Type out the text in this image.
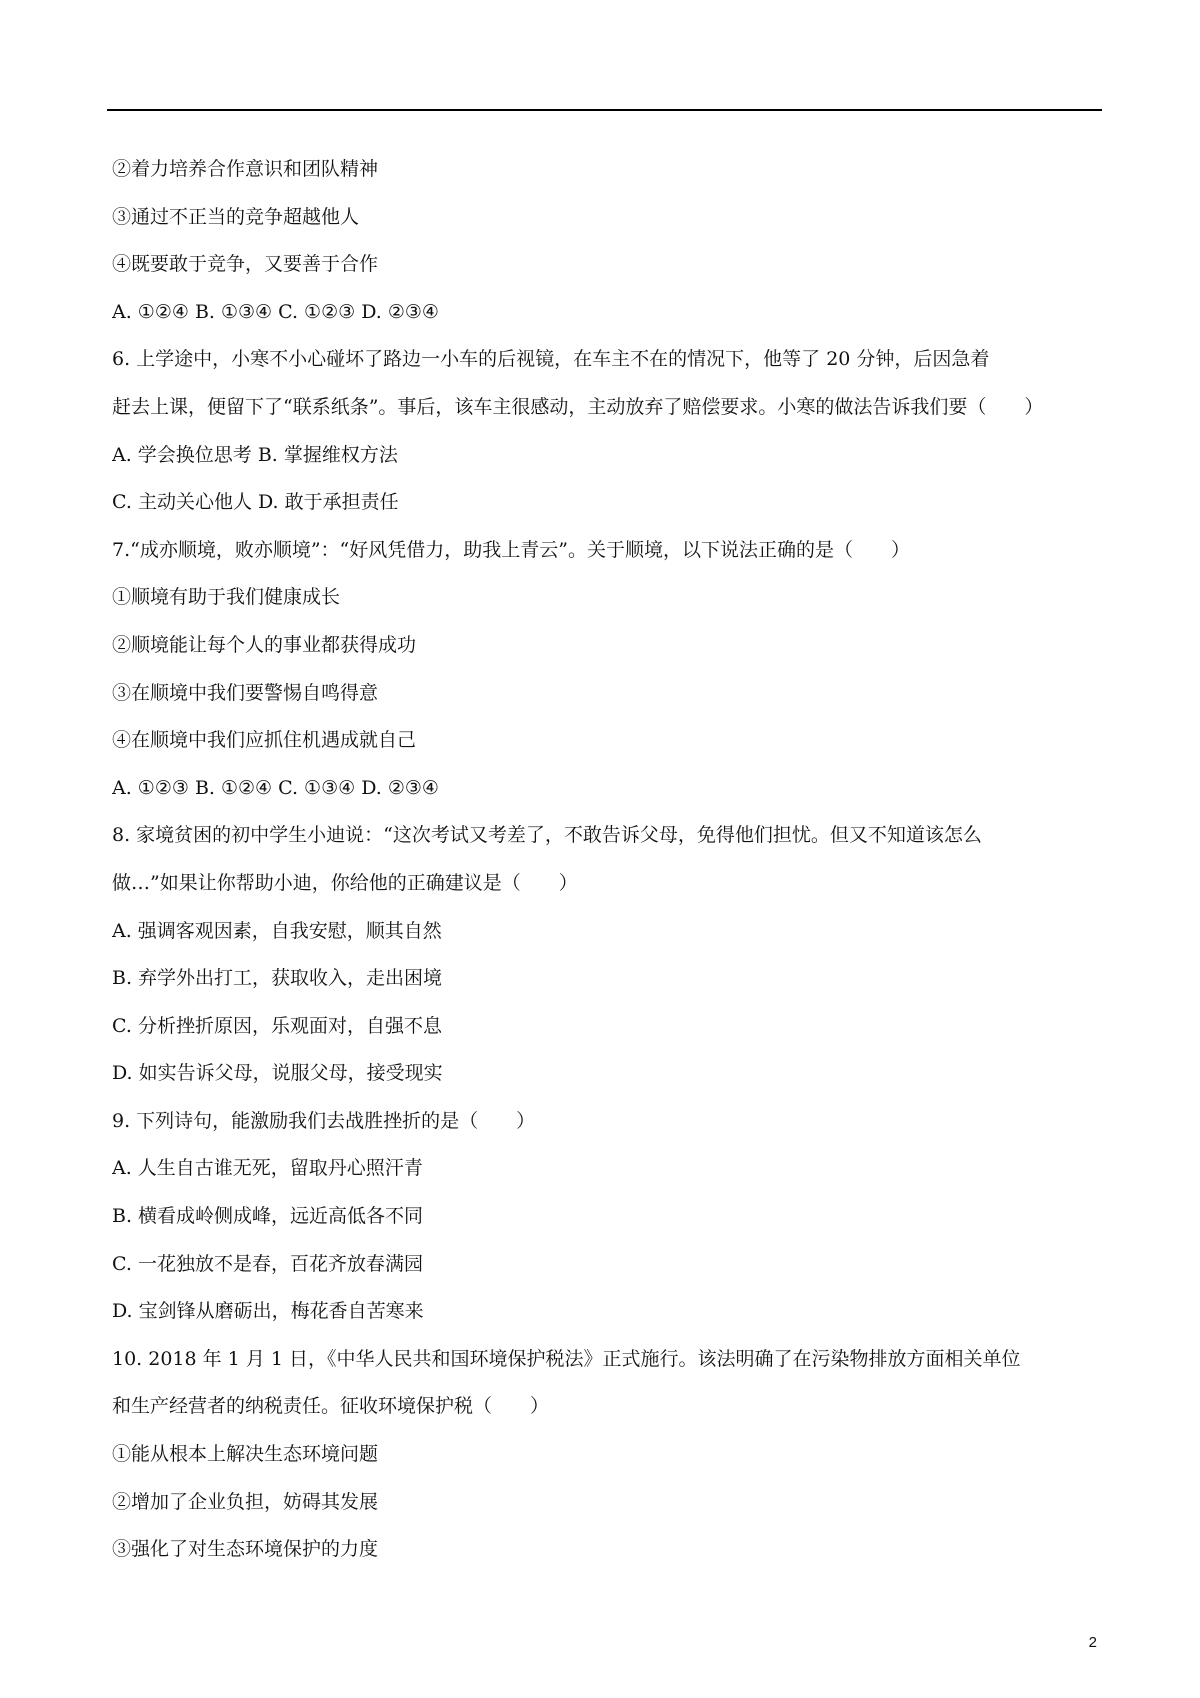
②着力培养合作意识和团队精神
③通过不正当的竞争超越他人
④既要敢于竞争，又要善于合作
A. ①②④ B. ①③④ C. ①②③ D. ②③④
6. 上学途中，小寒不小心碰坏了路边一小车的后视镜，在车主不在的情况下，他等了 20 分钟，后因急着
赶去上课，便留下了“联系纸条”。事后，该车主很感动，主动放弃了赔偿要求。小寒的做法告诉我们要（　　）
A. 学会换位思考 B. 掌握维权方法
C. 主动关心他人 D. 敢于承担责任
7.“成亦顺境，败亦顺境”：“好风凭借力，助我上青云”。关于顺境，以下说法正确的是（　　）
①顺境有助于我们健康成长
②顺境能让每个人的事业都获得成功
③在顺境中我们要警惕自鸣得意
④在顺境中我们应抓住机遇成就自己
A. ①②③ B. ①②④ C. ①③④ D. ②③④
8. 家境贫困的初中学生小迪说：“这次考试又考差了，不敢告诉父母，免得他们担忧。但又不知道该怎么
做…”如果让你帮助小迪，你给他的正确建议是（　　）
A. 强调客观因素，自我安慰，顺其自然
B. 弃学外出打工，获取收入，走出困境
C. 分析挫折原因，乐观面对，自强不息
D. 如实告诉父母，说服父母，接受现实
9. 下列诗句，能激励我们去战胜挫折的是（　　）
A. 人生自古谁无死，留取丹心照汗青
B. 横看成岭侧成峰，远近高低各不同
C. 一花独放不是春，百花齐放春满园
D. 宝剑锋从磨砺出，梅花香自苦寒来
10. 2018 年 1 月 1 日，《中华人民共和国环境保护税法》正式施行。该法明确了在污染物排放方面相关单位
和生产经营者的纳税责任。征收环境保护税（　　）
①能从根本上解决生态环境问题
②增加了企业负担，妨碍其发展
③强化了对生态环境保护的力度
2
